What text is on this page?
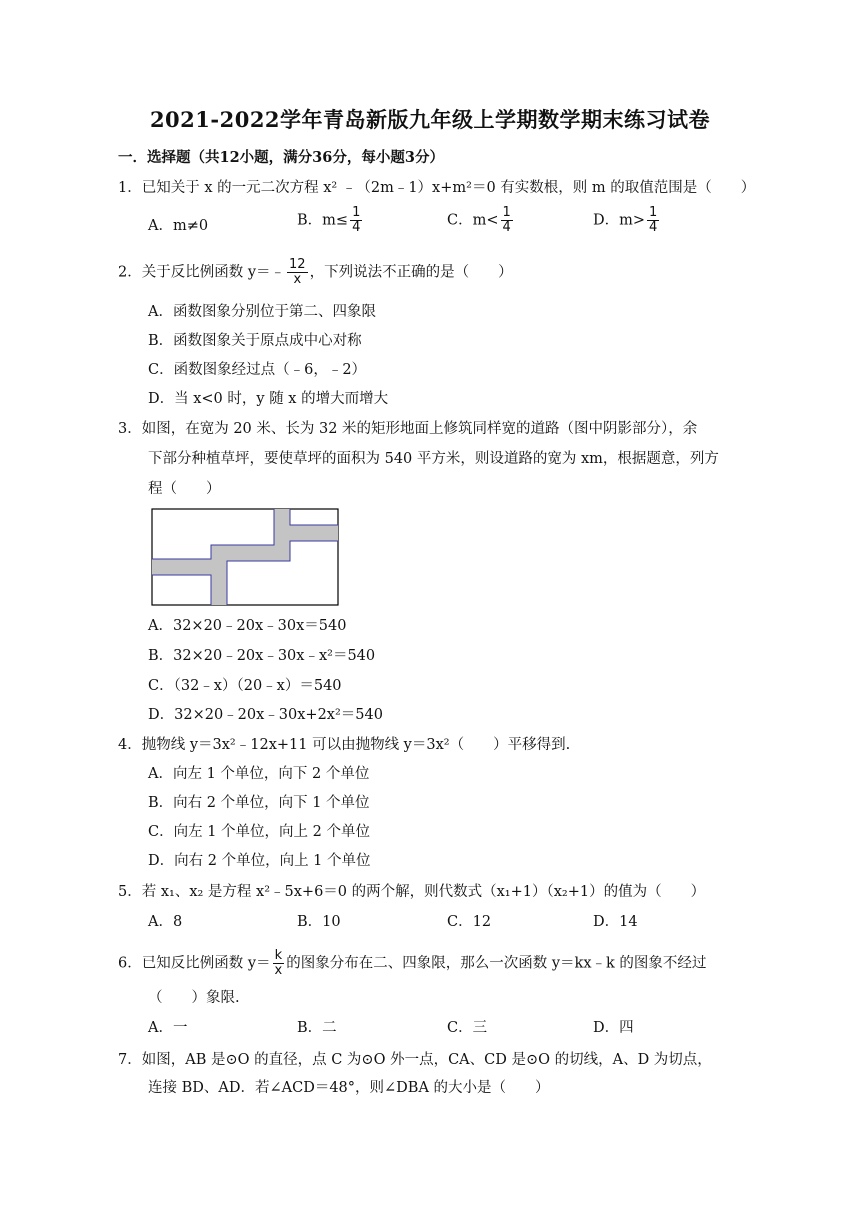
2021-2022学年青岛新版九年级上学期数学期末练习试卷
一．选择题（共12小题，满分36分，每小题3分）
1．已知关于 x 的一元二次方程 x² ﹣（2m﹣1）x+m²＝0 有实数根，则 m 的取值范围是（　　）
A．m≠0	B．$m\le \frac{1}{4}$	C．$m< \frac{1}{4}$	D．$m> \frac{1}{4}$
2．关于反比例函数 y＝﹣ $\frac{12}{x}$ ，下列说法不正确的是（　　）
A．函数图象分别位于第二、四象限
B．函数图象关于原点成中心对称
C．函数图象经过点（﹣6，﹣2）
D．当 x<0 时，y 随 x 的增大而增大
3．如图，在宽为 20 米、长为 32 米的矩形地面上修筑同样宽的道路（图中阴影部分），余
下部分种植草坪，要使草坪的面积为 540 平方米，则设道路的宽为 xm，根据题意，列方
程（　　）
A．32×20﹣20x﹣30x＝540
B．32×20﹣20x﹣30x﹣x²＝540
C．（32﹣x）（20﹣x）＝540
D．32×20﹣20x﹣30x+2x²＝540
4．抛物线 y＝3x²﹣12x+11 可以由抛物线 y＝3x²（　　）平移得到.
A．向左 1 个单位，向下 2 个单位
B．向右 2 个单位，向下 1 个单位
C．向左 1 个单位，向上 2 个单位
D．向右 2 个单位，向上 1 个单位
5．若 x₁、x₂ 是方程 x²﹣5x+6＝0 的两个解，则代数式（x₁+1）（x₂+1）的值为（　　）
A．8	B．10	C．12	D．14
6．已知反比例函数 $y= \frac{k}{x}$ 的图象分布在二、四象限，那么一次函数 y＝kx﹣k 的图象不经过
（　　）象限.
A．一	B．二	C．三	D．四
7．如图，AB 是⊙O 的直径，点 C 为⊙O 外一点，CA、CD 是⊙O 的切线，A、D 为切点，
连接 BD、AD．若∠ACD＝48°，则∠DBA 的大小是（　　）
